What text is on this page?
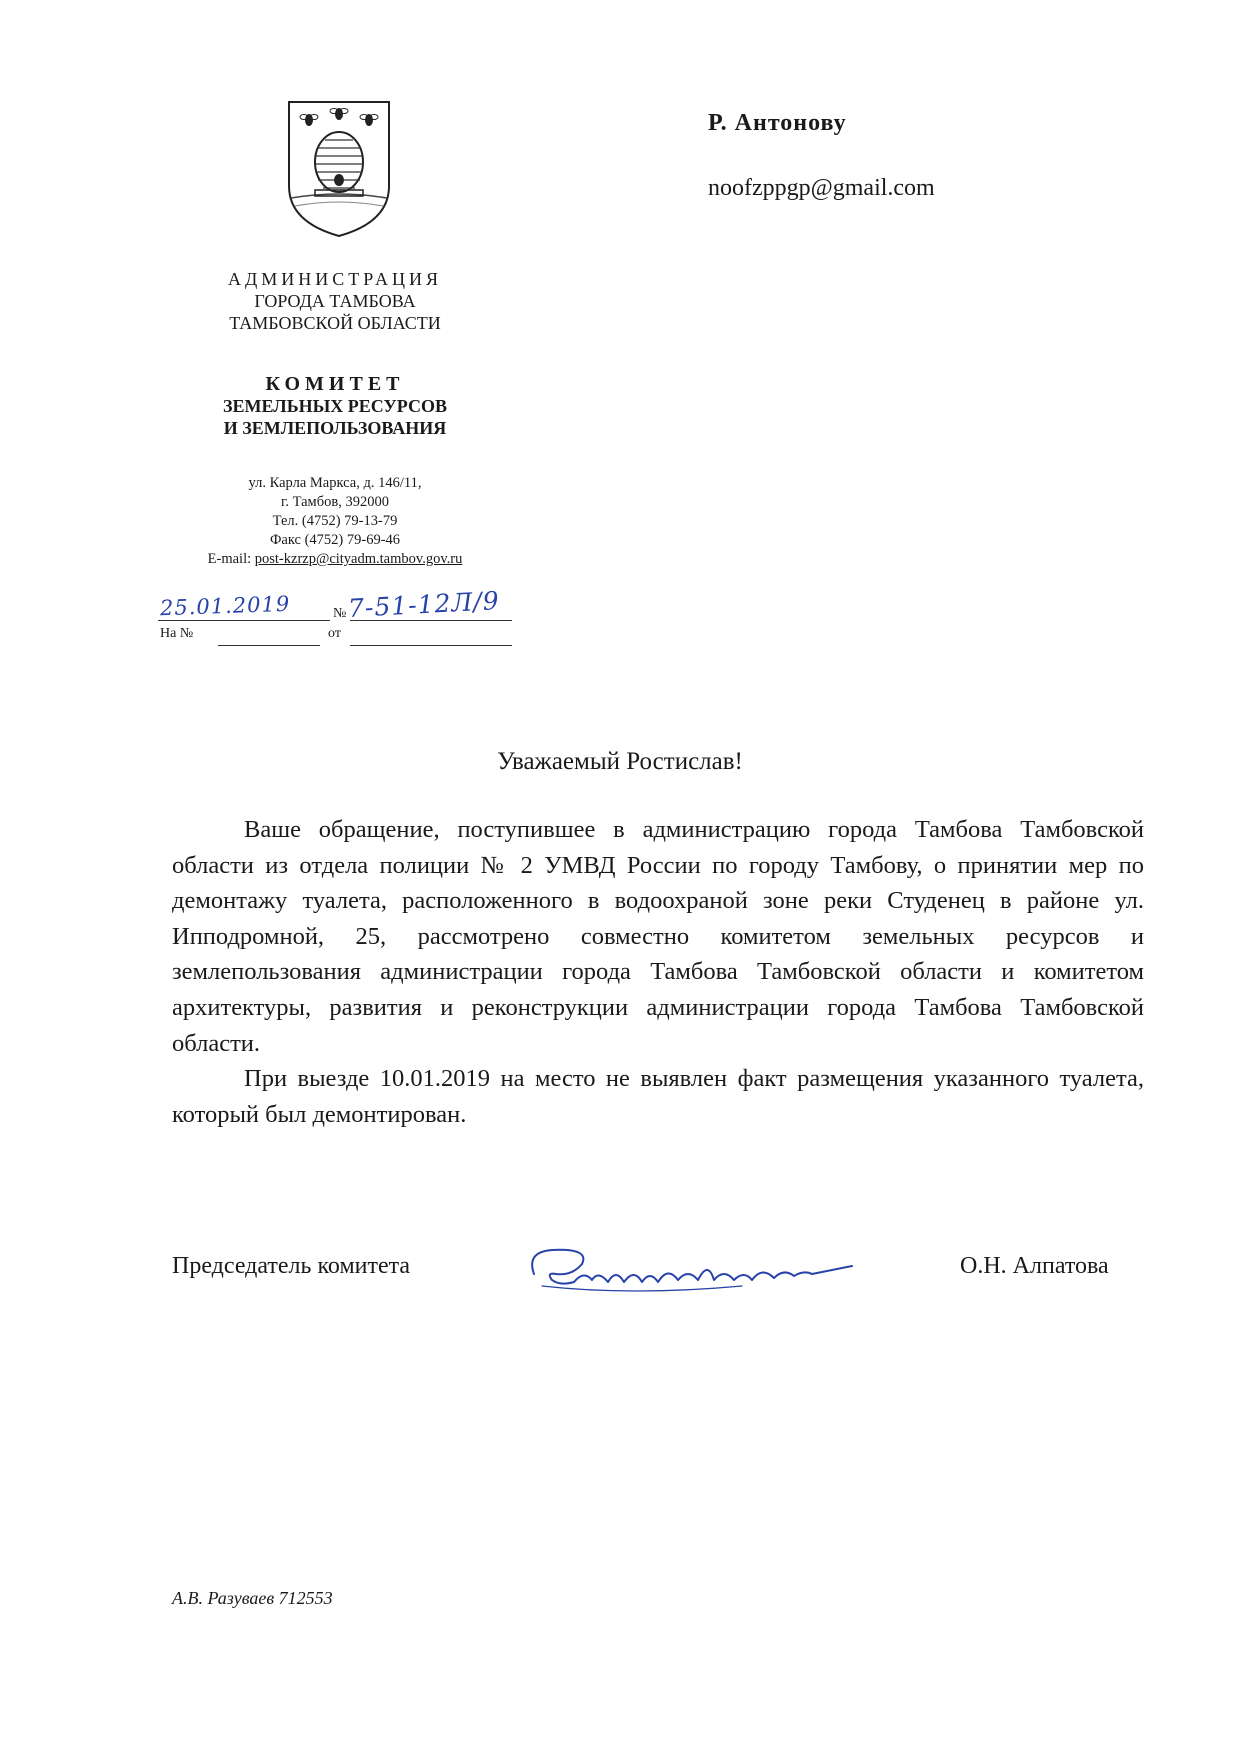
АДМИНИСТРАЦИЯ
ГОРОДА ТАМБОВА
ТАМБОВСКОЙ ОБЛАСТИ
КОМИТЕТ
ЗЕМЕЛЬНЫХ РЕСУРСОВ
И ЗЕМЛЕПОЛЬЗОВАНИЯ
ул. Карла Маркса, д. 146/11,
г. Тамбов, 392000
Тел. (4752) 79-13-79
Факс (4752) 79-69-46
E-mail: post-kzrzp@cityadm.tambov.gov.ru
25.01.2019	№ 7-51-12Л/9
На №	от
Р. Антонову
noofzppgp@gmail.com
Уважаемый Ростислав!

Ваше обращение, поступившее в администрацию города Тамбова Тамбовской области из отдела полиции № 2 УМВД России по городу Тамбову, о принятии мер по демонтажу туалета, расположенного в водоохраной зоне реки Студенец в районе ул. Ипподромной, 25, рассмотрено совместно комитетом земельных ресурсов и землепользования администрации города Тамбова Тамбовской области и комитетом архитектуры, развития и реконструкции администрации города Тамбова Тамбовской области.

При выезде 10.01.2019 на место не выявлен факт размещения указанного туалета, который был демонтирован.

Председатель комитета	О.Н. Алпатова
А.В. Разуваев 712553
